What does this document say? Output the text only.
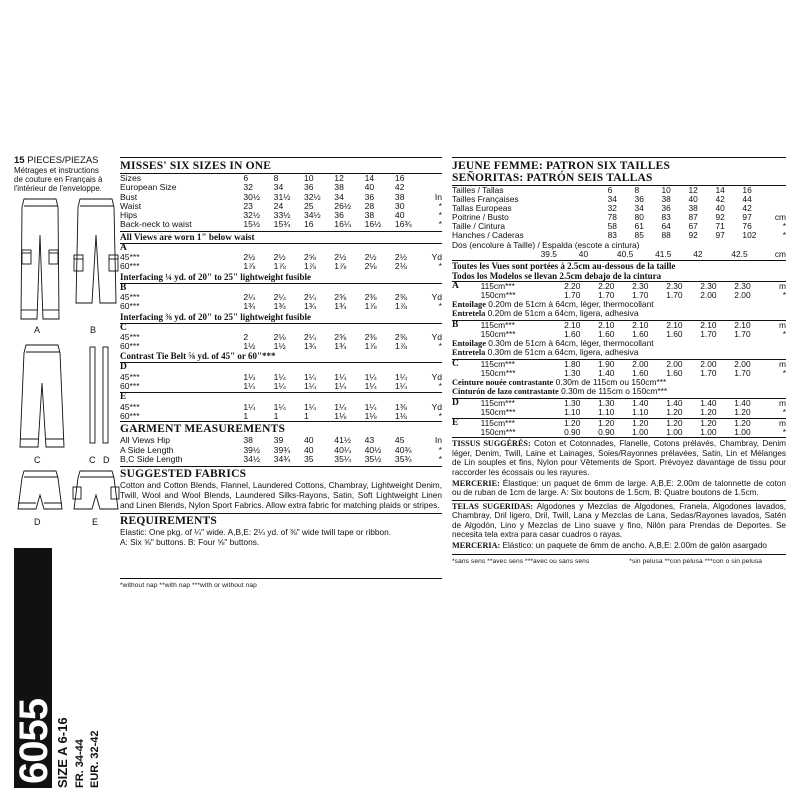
15 PIECES/PIEZAS
Métrages et instructions
de couture en Français à
l'intérieur de l'enveloppe.
A	B
C	C D
D	E
6055 SIZE A 6-16 FR. 34-44 EUR. 32-42
MISSES' SIX SIZES IN ONE
Sizes	6	8	10	12	14	16	
European Size	32	34	36	38	40	42	
Bust	30½	31½	32½	34	36	38	In
Waist	23	24	25	26½	28	30	*
Hips	32½	33½	34½	36	38	40	*
Back-neck to waist	15½	15¾	16	16¼	16½	16¾	*
All Views are worn 1" below waist
A							
45***	2½	2½	2⅝	2½	2½	2½	Yd
60***	1⅞	1⅞	1⅞	1⅞	2⅛	2⅛	*
Interfacing ¼ yd. of 20" to 25" lightweight fusible
B							
45***	2¼	2¼	2¼	2⅜	2⅜	2⅜	Yd
60***	1¾	1¾	1¾	1¾	1⅞	1⅞	*
Interfacing ⅜ yd. of 20" to 25" lightweight fusible
C							
45***	2	2⅛	2¼	2⅜	2⅜	2⅜	Yd
60***	1½	1½	1¾	1¾	1⅞	1⅞	*
Contrast Tie Belt ⅝ yd. of 45" or 60"***
D							
45***	1¼	1¼	1¼	1¼	1¼	1¼	Yd
60***	1¼	1¼	1¼	1¼	1¼	1¼	*
E							
45***	1¼	1¼	1¼	1¼	1¼	1⅜	Yd
60***	1	1	1	1⅛	1⅛	1⅛	*
GARMENT MEASUREMENTS
All Views Hip	38	39	40	41½	43	45	In
A Side Length	39½	39¾	40	40¼	40½	40¾	*
B,C Side Length	34½	34¾	35	35¼	35½	35¾	*
SUGGESTED FABRICS
Cotton and Cotton Blends, Flannel, Laundered Cottons, Chambray, Lightweight Denim, Twill, Wool and Wool Blends, Laundered Silks-Rayons, Satin, Soft Lightweight Linen and Linen Blends, Nylon Sport Fabrics. Allow extra fabric for matching plaids or stripes.
REQUIREMENTS
Elastic: One pkg. of ¼" wide. A,B,E: 2¼ yd. of ⅜" wide twill tape or ribbon.
A: Six ⅝" buttons. B: Four ⅝" buttons.
*without nap **with nap ***with or without nap
JEUNE FEMME: PATRON SIX TAILLES
SEÑORITAS: PATRÓN SEIS TALLAS
Tailles / Tallas	6	8	10	12	14	16	
Tailles Françaises	34	36	38	40	42	44	
Tallas Europeas	32	34	36	38	40	42	
Poitrine / Busto	78	80	83	87	92	97	cm
Taille / Cintura	58	61	64	67	71	76	*
Hanches / Caderas	83	85	88	92	97	102	*
Dos (encolure à Taille) / Espalda (escote a cintura)
	39.5	40	40.5	41.5	42	42.5	cm
Toutes les Vues sont portées à 2.5cm au-dessous de la taille
Todos los Modelos se llevan 2.5cm debajo de la cintura
A	115cm***	2.20	2.20	2.30	2.30	2.30	2.30	m
	150cm***	1.70	1.70	1.70	1.70	2.00	2.00	*
Entoilage 0.20m de 51cm à 64cm, léger, thermocollant
Entretela 0.20m de 51cm a 64cm, ligera, adhesiva
B	115cm***	2.10	2.10	2.10	2.10	2.10	2.10	m
	150cm***	1.60	1.60	1.60	1.60	1.70	1.70	*
Entoilage 0.30m de 51cm à 64cm, léger, thermocollant
Entretela 0.30m de 51cm a 64cm, ligera, adhesiva
C	115cm***	1.80	1.90	2.00	2.00	2.00	2.00	m
	150cm***	1.30	1.40	1.60	1.60	1.70	1.70	*
Ceinture nouée contrastante 0.30m de 115cm ou 150cm***
Cinturón de lazo contrastante 0.30m de 115cm o 150cm***
D	115cm***	1.30	1.30	1.40	1.40	1.40	1.40	m
	150cm***	1.10	1.10	1.10	1.20	1.20	1.20	*
E	115cm***	1.20	1.20	1.20	1.20	1.20	1.20	m
	150cm***	0.90	0.90	1.00	1.00	1.00	1.00	*
TISSUS SUGGÉRÉS: Coton et Cotonnades, Flanelle, Cotons prélavés, Chambray, Denim léger, Denim, Twill, Laine et Lainages, Soies/Rayonnes prélavées, Satin, Lin et Mélanges de Lin souples et fins, Nylon pour Vêtements de Sport. Prévoyez davantage de tissu pour raccorder les écossais ou les rayures.
MERCERIE: Élastique: un paquet de 6mm de large. A,B,E: 2.00m de talonnette de coton ou de ruban de 1cm de large. A: Six boutons de 1.5cm. B: Quatre boutons de 1.5cm.
TELAS SUGERIDAS: Algodones y Mezclas de Algodones, Franela, Algodones lavados, Chambray, Dril ligero, Dril, Twill, Lana y Mezclas de Lana, Sedas/Rayones lavados, Satén de Algodón, Lino y Mezclas de Lino suave y fino, Nilón para Prendas de Deportes. Se necesita tela extra para casar cuadros o rayas.
MERCERIA: Elástico: un paquete de 6mm de ancho. A,B,E: 2.00m de galón asargado
*sans sens **avec sens ***avec ou sans sens	*sin pelusa **con pelusa ***con o sin pelusa
